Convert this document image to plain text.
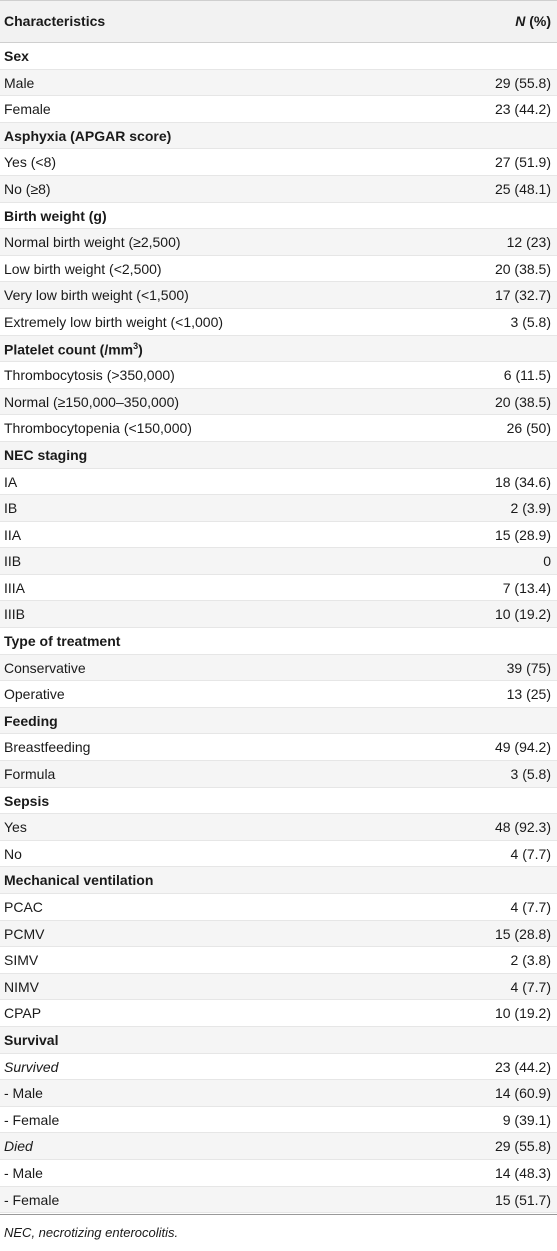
Characteristics	N (%)
Sex
Male	29 (55.8)
Female	23 (44.2)
Asphyxia (APGAR score)
Yes (<8)	27 (51.9)
No (≥8)	25 (48.1)
Birth weight (g)
Normal birth weight (≥2,500)	12 (23)
Low birth weight (<2,500)	20 (38.5)
Very low birth weight (<1,500)	17 (32.7)
Extremely low birth weight (<1,000)	3 (5.8)
Platelet count $(/mm^3)$
Thrombocytosis (>350,000)	6 (11.5)
Normal (≥150,000–350,000)	20 (38.5)
Thrombocytopenia (<150,000)	26 (50)
NEC staging
IA	18 (34.6)
IB	2 (3.9)
IIA	15 (28.9)
IIB	0
IIIA	7 (13.4)
IIIB	10 (19.2)
Type of treatment
Conservative	39 (75)
Operative	13 (25)
Feeding
Breastfeeding	49 (94.2)
Formula	3 (5.8)
Sepsis
Yes	48 (92.3)
No	4 (7.7)
Mechanical ventilation
PCAC	4 (7.7)
PCMV	15 (28.8)
SIMV	2 (3.8)
NIMV	4 (7.7)
CPAP	10 (19.2)
Survival
Survived	23 (44.2)
- Male	14 (60.9)
- Female	9 (39.1)
Died	29 (55.8)
- Male	14 (48.3)
- Female	15 (51.7)
NEC, necrotizing enterocolitis.
